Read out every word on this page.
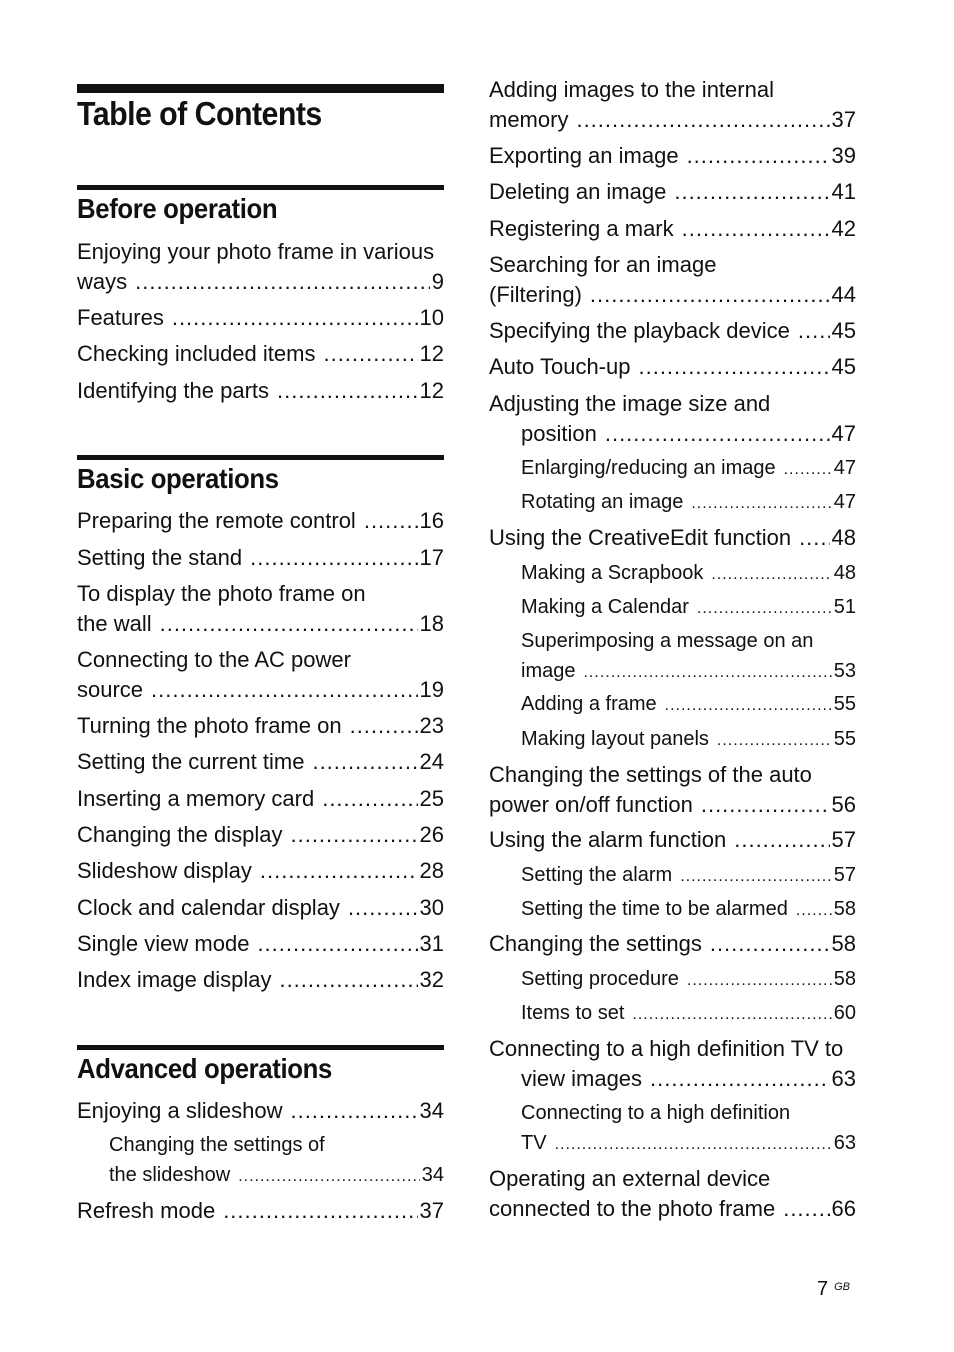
Table of Contents
Before operation
Basic operations
Advanced operations
Enjoying your photo frame in various
ways .....	9
Features .....	10
Checking included items .....	12
Identifying the parts .....	12
Preparing the remote control .....	16
Setting the stand .....	17
To display the photo frame on
the wall .....	18
Connecting to the AC power
source .....	19
Turning the photo frame on .....	23
Setting the current time .....	24
Inserting a memory card .....	25
Changing the display .....	26
Slideshow display .....	28
Clock and calendar display .....	30
Single view mode .....	31
Index image display .....	32
Enjoying a slideshow .....	34
Changing the settings of
the slideshow .....	34
Refresh mode .....	37
Adding images to the internal
memory .....	37
Exporting an image .....	39
Deleting an image .....	41
Registering a mark .....	42
Searching for an image
(Filtering) .....	44
Specifying the playback device ..... 45
Auto Touch-up .....	45
Adjusting the image size and
position .....	47
Enlarging/reducing an image .....	47
Rotating an image .....	47
Using the CreativeEdit function ..... 48
Making a Scrapbook .....	48
Making a Calendar .....	51
Superimposing a message on an
image .....	53
Adding a frame .....	55
Making layout panels .....	55
Changing the settings of the auto
power on/off function .....	56
Using the alarm function .....	57
Setting the alarm .....	57
Setting the time to be alarmed ..... 58
Changing the settings .....	58
Setting procedure .....	58
Items to set .....	60
Connecting to a high definition TV to
view images .....	63
Connecting to a high definition
TV .....	63
Operating an external device
connected to the photo frame .....	66
7 $^{GB}$
